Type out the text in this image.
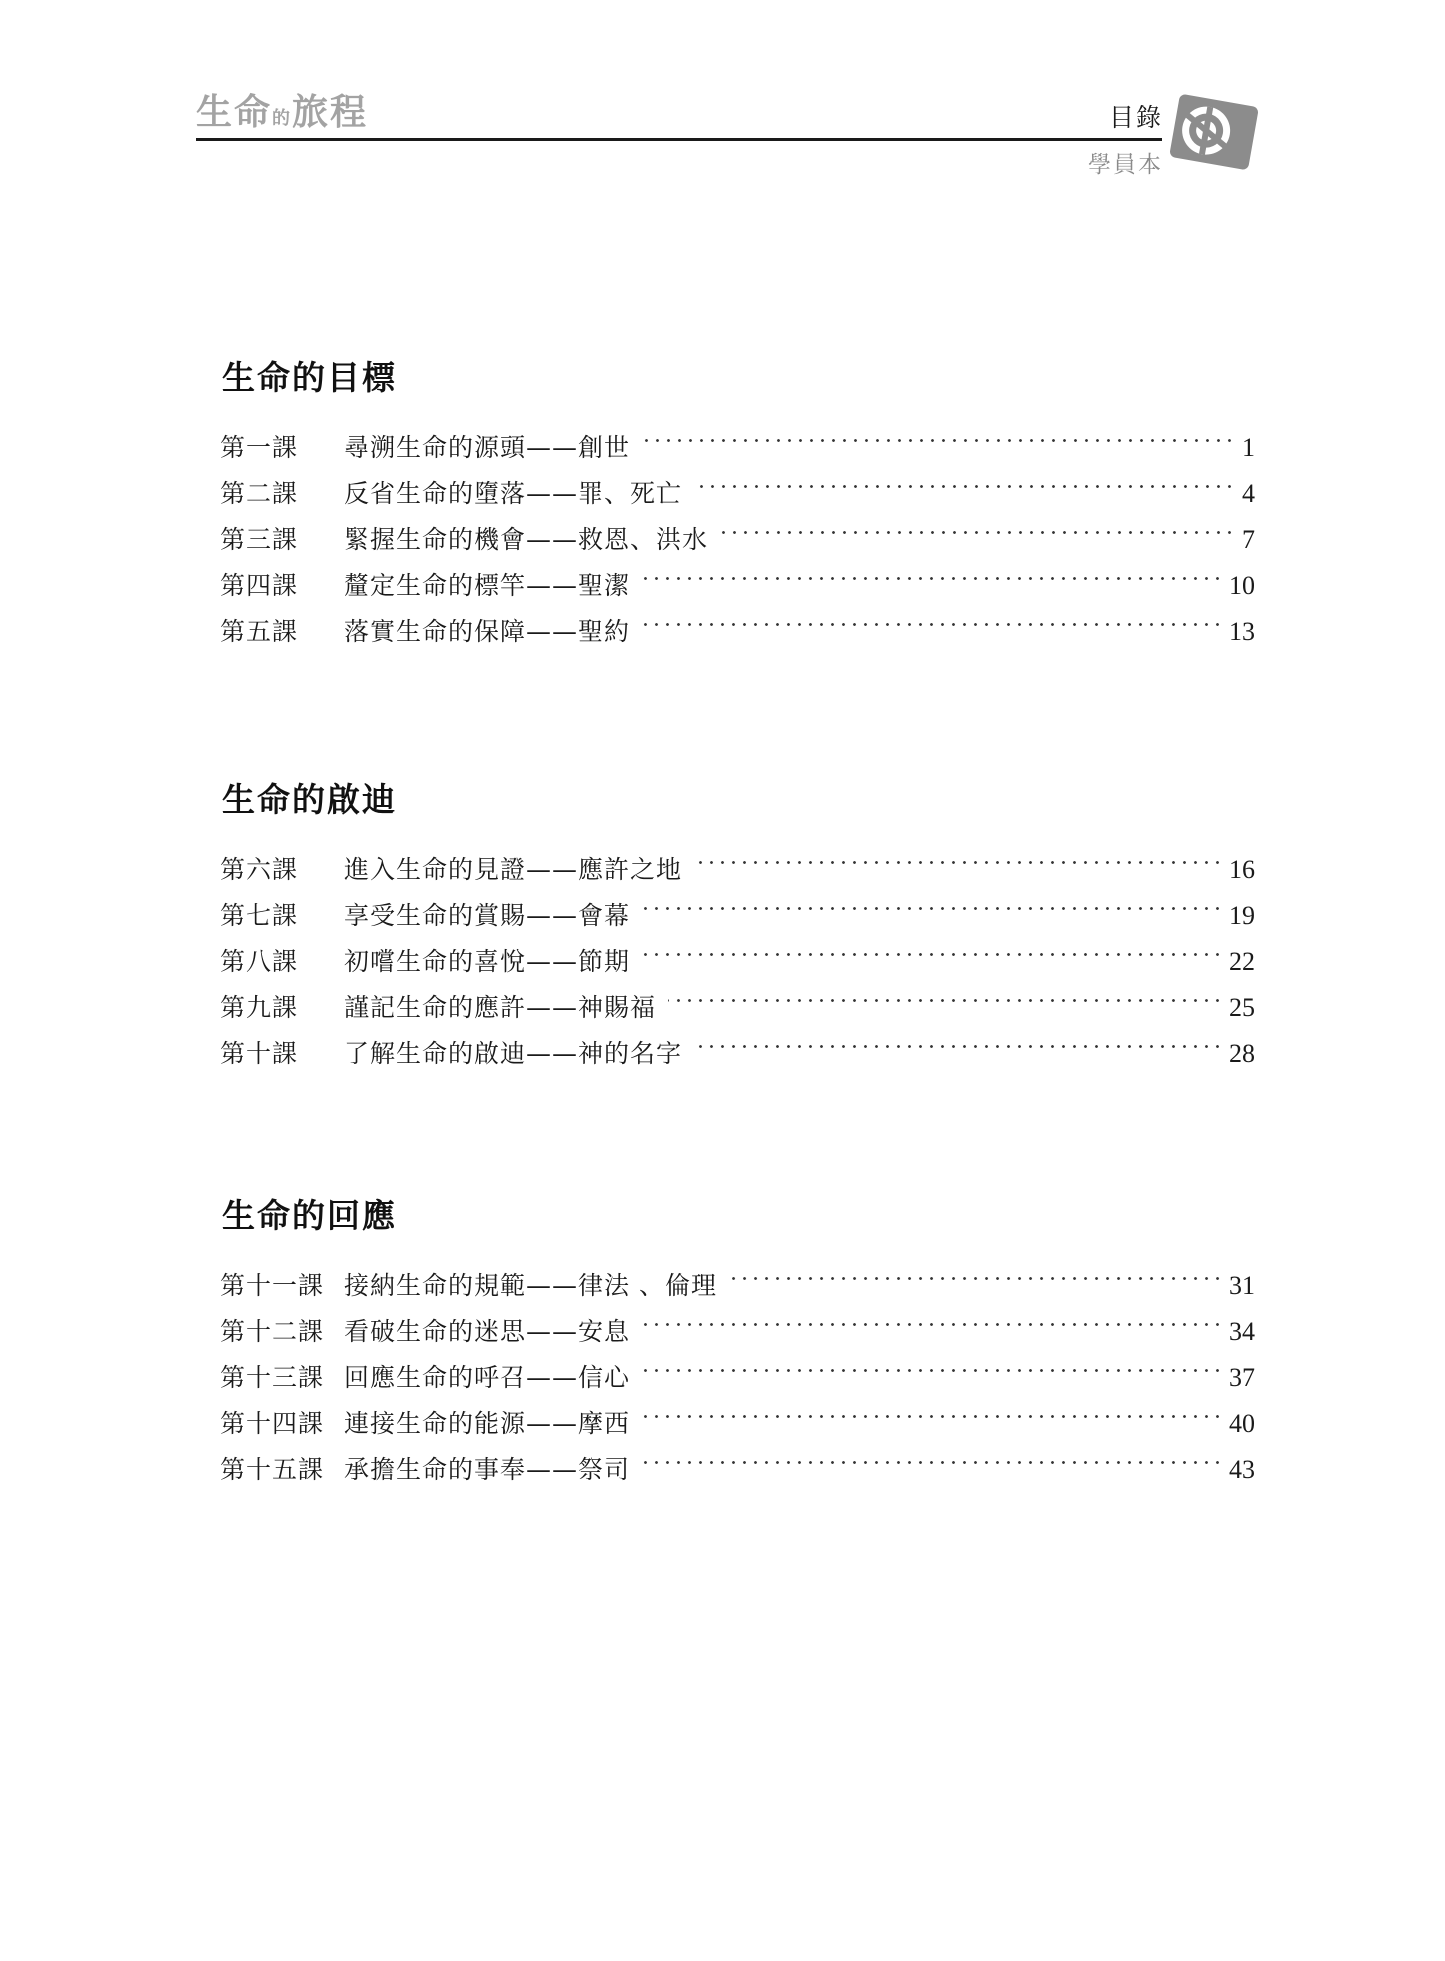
生命的旅程	目錄
學員本
生命的目標
第一課	尋溯生命的源頭——創世	1
第二課	反省生命的墮落——罪、死亡	4
第三課	緊握生命的機會——救恩、洪水	7
第四課	釐定生命的標竿——聖潔	10
第五課	落實生命的保障——聖約	13
生命的啟迪
第六課	進入生命的見證——應許之地	16
第七課	享受生命的賞賜——會幕	19
第八課	初嚐生命的喜悅——節期	22
第九課	謹記生命的應許——神賜福	25
第十課	了解生命的啟迪——神的名字	28
生命的回應
第十一課 接納生命的規範——律法 、倫理	31
第十二課 看破生命的迷思——安息	34
第十三課 回應生命的呼召——信心	37
第十四課 連接生命的能源——摩西	40
第十五課 承擔生命的事奉——祭司	43
